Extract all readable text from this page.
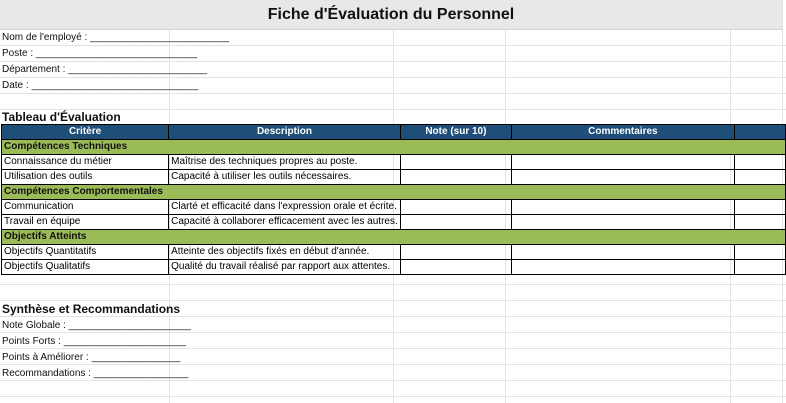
Fiche d'Évaluation du Personnel
Nom de l'employé : _________________________
Poste : _____________________________
Département : _________________________
Date : ______________________________
Tableau d'Évaluation
Critère	Description	Note (sur 10)	Commentaires	
Compétences Techniques				
Connaissance du métier	Maîtrise des techniques propres au poste.			
Utilisation des outils	Capacité à utiliser les outils nécessaires.			
Compétences Comportementales				
Communication	Clarté et efficacité dans l'expression orale et écrite.			
Travail en équipe	Capacité à collaborer efficacement avec les autres.			
Objectifs Atteints				
Objectifs Quantitatifs	Atteinte des objectifs fixés en début d'année.			
Objectifs Qualitatifs	Qualité du travail réalisé par rapport aux attentes.			
Synthèse et Recommandations
Note Globale : ______________________
Points Forts : ______________________
Points à Améliorer : ________________
Recommandations : _________________
